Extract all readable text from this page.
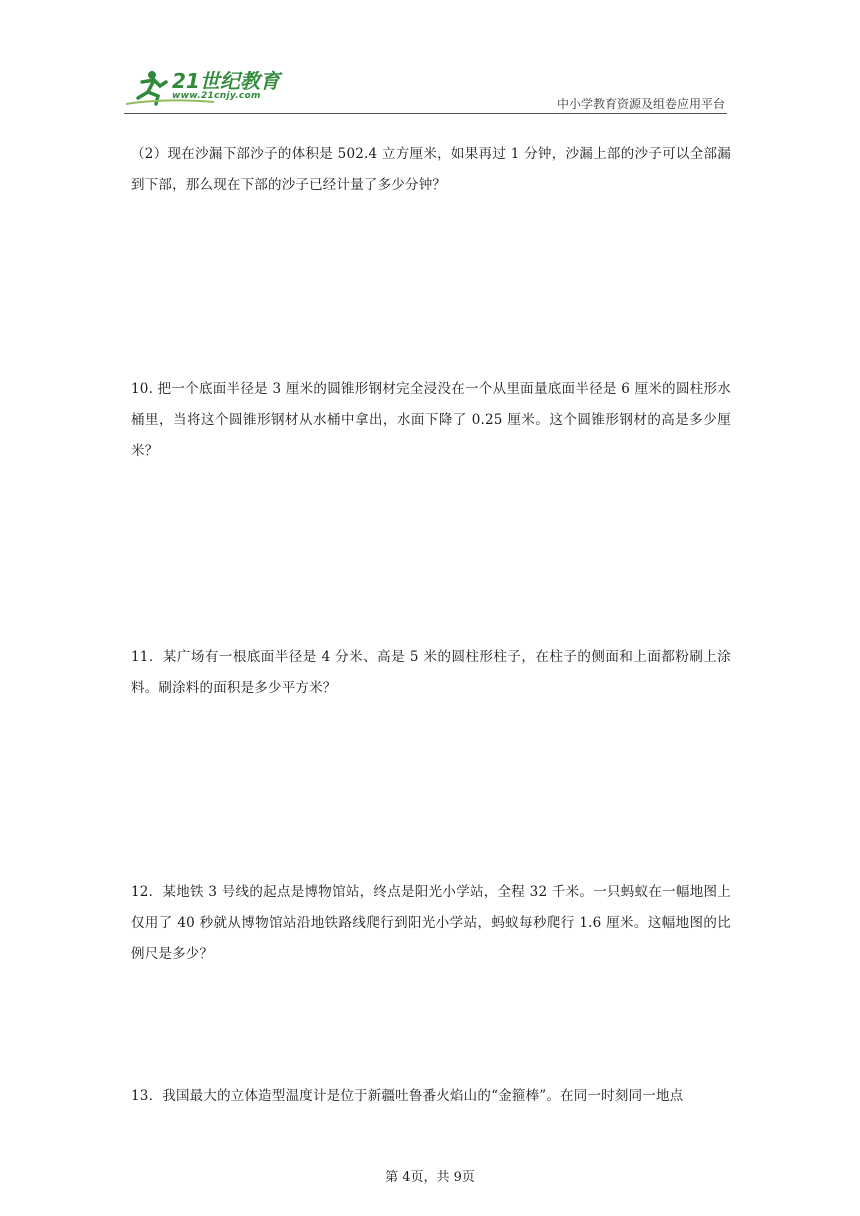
21世纪教育
www.21cnjy.com
中小学教育资源及组卷应用平台
（2）现在沙漏下部沙子的体积是 502.4 立方厘米，如果再过 1 分钟，沙漏上部的沙子可以全部漏到下部，那么现在下部的沙子已经计量了多少分钟？
10. 把一个底面半径是 3 厘米的圆锥形钢材完全浸没在一个从里面量底面半径是 6 厘米的圆柱形水桶里，当将这个圆锥形钢材从水桶中拿出，水面下降了 0.25 厘米。这个圆锥形钢材的高是多少厘米？
11．某广场有一根底面半径是 4 分米、高是 5 米的圆柱形柱子，在柱子的侧面和上面都粉刷上涂料。刷涂料的面积是多少平方米？
12．某地铁 3 号线的起点是博物馆站，终点是阳光小学站，全程 32 千米。一只蚂蚁在一幅地图上仅用了 40 秒就从博物馆站沿地铁路线爬行到阳光小学站，蚂蚁每秒爬行 1.6 厘米。这幅地图的比例尺是多少？
13．我国最大的立体造型温度计是位于新疆吐鲁番火焰山的“金箍棒”。在同一时刻同一地点
第 4页，共 9页
